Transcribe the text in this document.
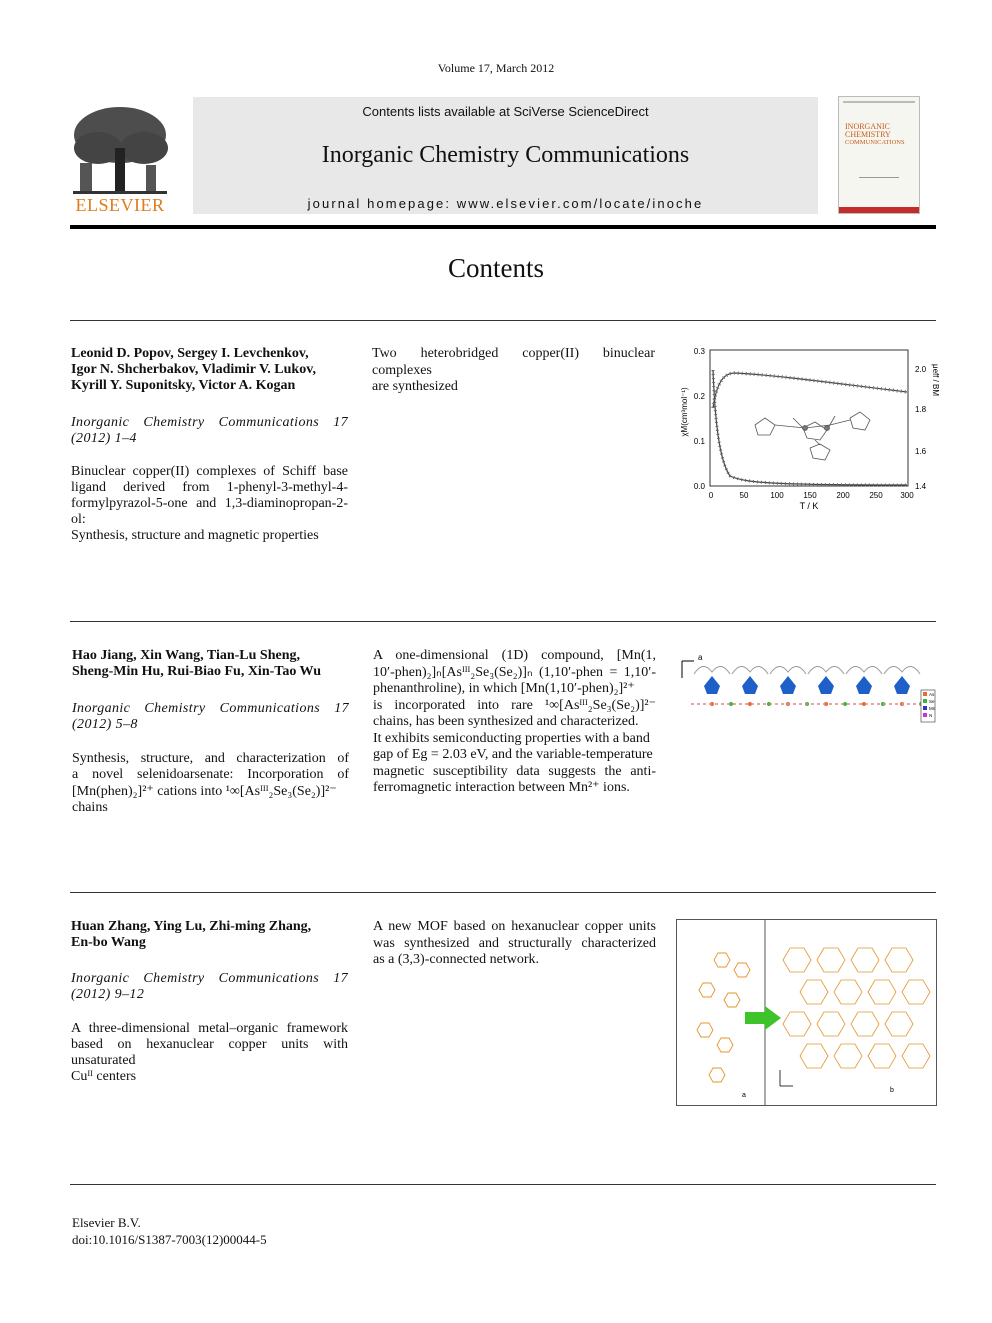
Volume 17, March 2012
ELSEVIER
Contents lists available at SciVerse ScienceDirect
Inorganic Chemistry Communications
journal homepage: www.elsevier.com/locate/inoche
INORGANIC
CHEMISTRY
COMMUNICATIONS
Contents
Leonid D. Popov, Sergey I. Levchenkov,
Igor N. Shcherbakov, Vladimir V. Lukov,
Kyrill Y. Suponitsky, Victor A. Kogan
Inorganic Chemistry Communications 17
(2012) 1–4
Binuclear copper(II) complexes of Schiff base
ligand derived from 1-phenyl-3-methyl-4-
formylpyrazol-5-one and 1,3-diaminopropan-2-ol:
Synthesis, structure and magnetic properties
Two heterobridged copper(II) binuclear complexes
are synthesized
0.0
0.1
0.2
0.3
1.4
1.6
1.8
2.0
0	50	100 150 200 250 300
T / K
χM(cm³mol⁻¹)
μeff / BM
Hao Jiang, Xin Wang, Tian-Lu Sheng,
Sheng-Min Hu, Rui-Biao Fu, Xin-Tao Wu
Inorganic Chemistry Communications 17
(2012) 5–8
Synthesis, structure, and characterization of
a novel selenidoarsenate: Incorporation of
[Mn(phen)₂]²⁺ cations into ¹∞[Asᴵᴵᴵ₂Se₃(Se₂)]²⁻
chains
A one-dimensional (1D) compound, [Mn(1,
10′-phen)₂]ₙ[Asᴵᴵᴵ₂Se₃(Se₂)]ₙ (1,10′-phen = 1,10′-
phenanthroline), in which [Mn(1,10′-phen)₂]²⁺
is incorporated into rare ¹∞[Asᴵᴵᴵ₂Se₃(Se₂)]²⁻
chains, has been synthesized and characterized.
It exhibits semiconducting properties with a band
gap of Eg = 2.03 eV, and the variable-temperature
magnetic susceptibility data suggests the anti-
ferromagnetic interaction between Mn²⁺ ions.
a
As
Se
Mn
N
Huan Zhang, Ying Lu, Zhi-ming Zhang,
En-bo Wang
Inorganic Chemistry Communications 17
(2012) 9–12
A three-dimensional metal–organic framework
based on hexanuclear copper units with unsaturated
Cuᴵᴵ centers
A new MOF based on hexanuclear copper units
was synthesized and structurally characterized
as a (3,3)-connected network.
a
b
Elsevier B.V.
doi:10.1016/S1387-7003(12)00044-5
